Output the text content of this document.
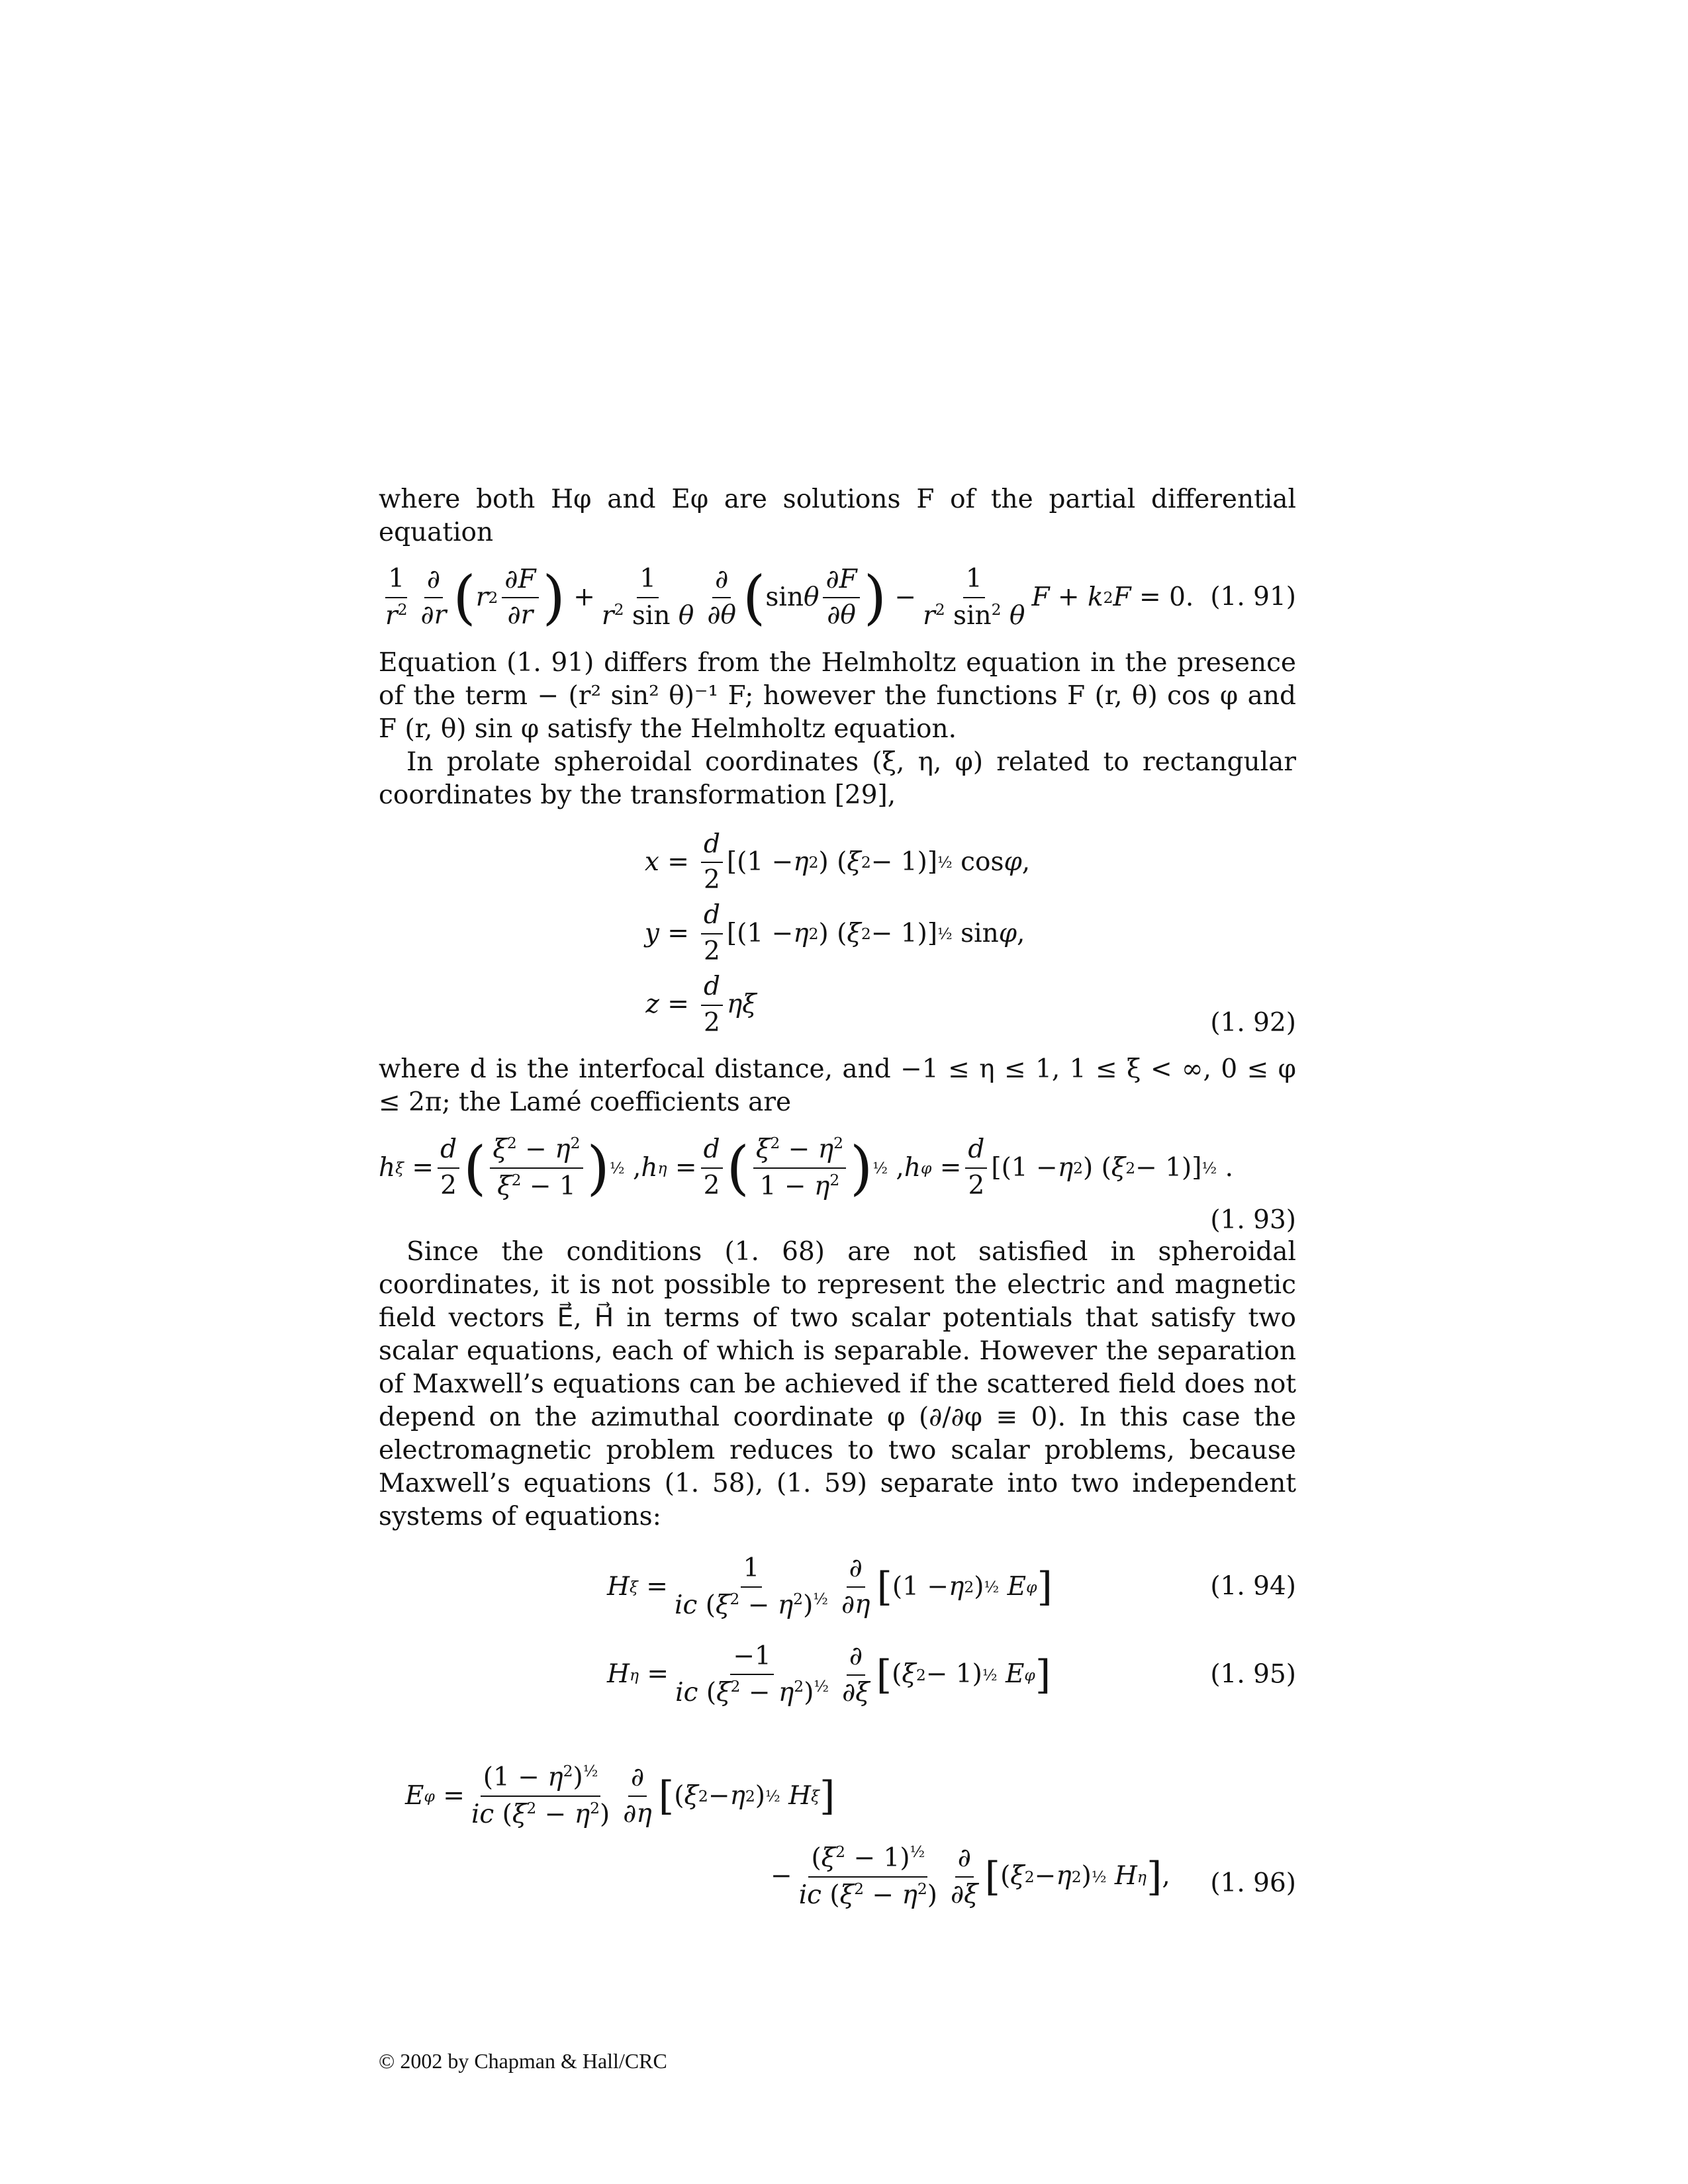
where both Hφ and Eφ are solutions F of the partial differential equation

$\frac{1}{r^2} \frac{\partial}{\partial r}$ ( r $2 \frac{\partial F}{\partial r}$ ) + $\frac{1}{r^2 \sin \theta} \frac{\partial}{\partial\theta}$ ( sin θ $\frac{\partial F}{\partial\theta}$ ) − $\frac{1}{r^2 \sin^2 \theta}$ F + k 2 F = 0. (1. 91)

Equation (1. 91) differs from the Helmholtz equation in the presence of the term − (r² sin² θ)⁻¹ F; however the functions F (r, θ) cos φ and F (r, θ) sin φ satisfy the Helmholtz equation.

In prolate spheroidal coordinates (ξ, η, φ) related to rectangular coordinates by the transformation [29],

$x = \frac{d}{2} [(1 - \eta$ 2 ) ( ξ 2 − 1)] ½ cos φ ,
$y = \frac{d}{2} [(1 - \eta$ 2 ) ( ξ 2 − 1)] ½ sin φ ,
$z = \frac{d}{2}$ ηξ
(1. 92)

where d is the interfocal distance, and −1 ≤ η ≤ 1, 1 ≤ ξ < ∞, 0 ≤ φ ≤ 2π; the Lamé coefficients are

h $\xi = \frac{d}{2}$ ( $\frac{\xi^2 - \eta^2}{\xi^2 - 1}$ ) ½ , h $\eta = \frac{d}{2}$ ( $\frac{\xi^2 - \eta^2}{1 - \eta^2}$ ) ½ , h $\varphi = \frac{d}{2} [(1 - \eta$ 2 ) ( ξ 2 − 1)] ½ .
(1. 93)

Since the conditions (1. 68) are not satisfied in spheroidal coordinates, it is not possible to represent the electric and magnetic field vectors E⃗, H⃗ in terms of two scalar potentials that satisfy two scalar equations, each of which is separable. However the separation of Maxwell’s equations can be achieved if the scattered field does not depend on the azimuthal coordinate φ (∂/∂φ ≡ 0). In this case the electromagnetic problem reduces to two scalar problems, because Maxwell’s equations (1. 58), (1. 59) separate into two independent systems of equations:

H $\xi = \frac{1}{ic (\xi^2 - \eta^2)^{\frac{1}{2}}} \frac{\partial}{\partial\eta}$ [ (1 − η 2 ) ½
E φ ]	(1. 94)
H $\eta = \frac{-1}{ic (\xi^2 - \eta^2)^{\frac{1}{2}}} \frac{\partial}{\partial\xi}$ [ ( ξ 2 − 1) ½
E φ ]	(1. 95)
E $\varphi = \frac{(1 - \eta^2)^{\frac{1}{2}}}{ic (\xi^2 - \eta^2)} \frac{\partial}{\partial\eta}$ [ ( ξ 2 − η 2 ) ½
H ξ ]
− $\frac{(\xi^2 - 1)^{\frac{1}{2}}}{ic (\xi^2 - \eta^2)} \frac{\partial}{\partial\xi}$ [ ( ξ 2 − η 2 ) ½
H η ] ,	(1. 96)
© 2002 by Chapman & Hall/CRC
